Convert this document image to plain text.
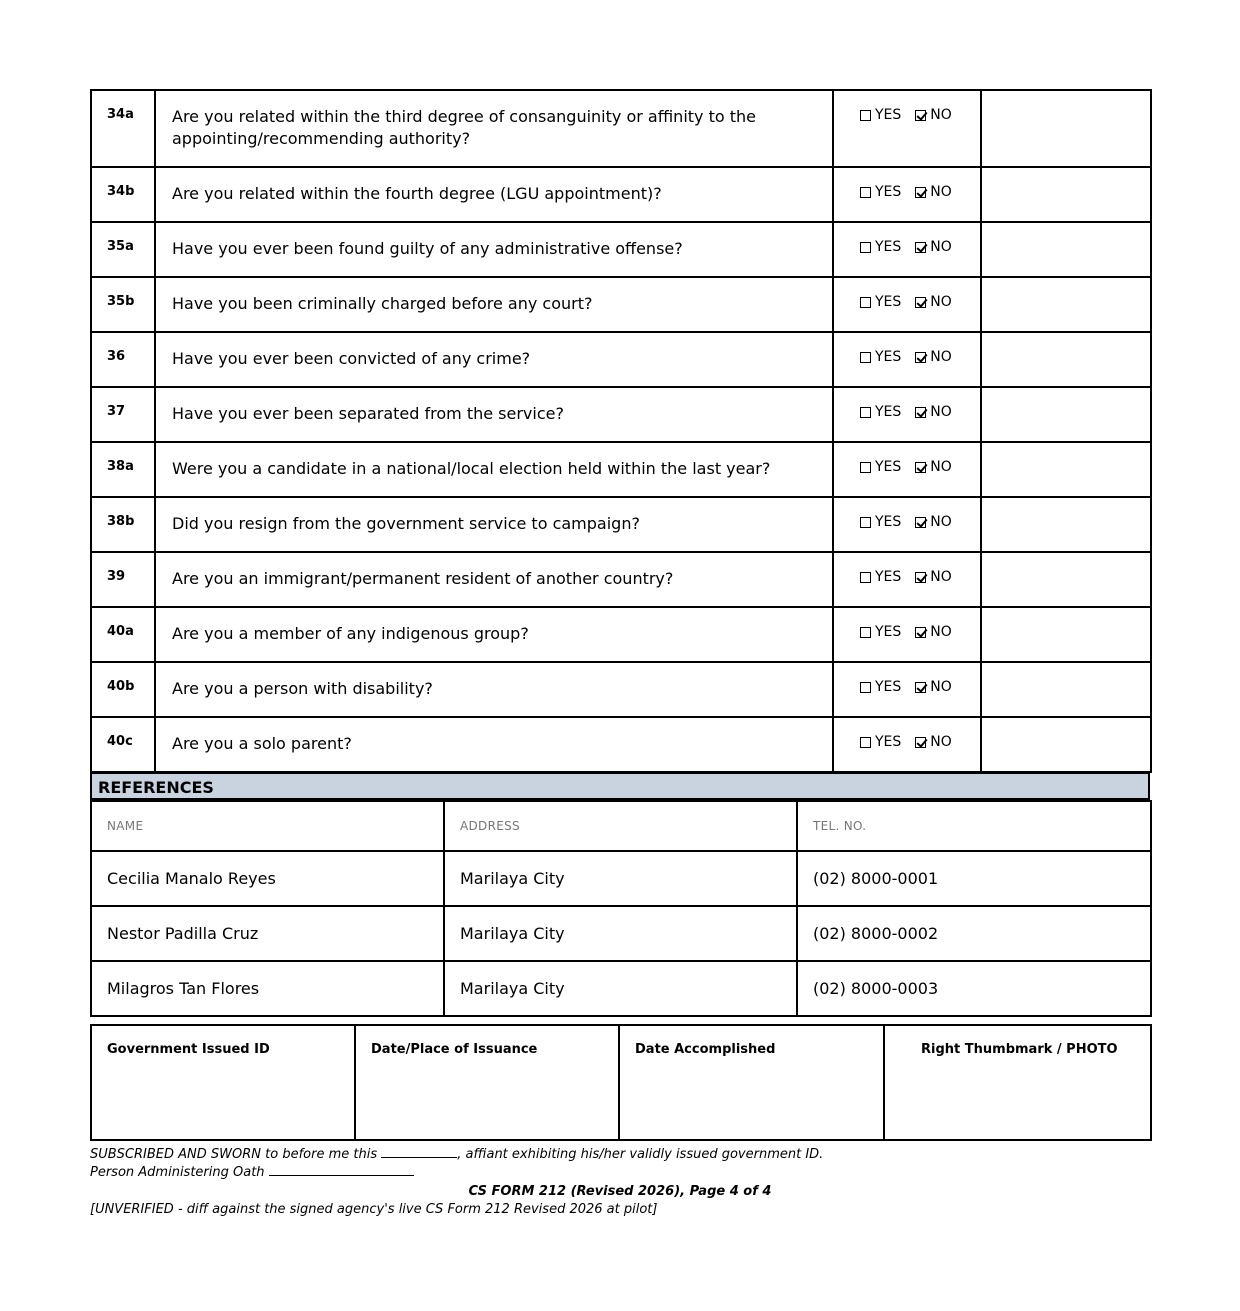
34a	Are you related within the third degree of consanguinity or affinity to the appointing/recommending authority?	YES NO	

34b	Are you related within the fourth degree (LGU appointment)?	YES NO	

35a	Have you ever been found guilty of any administrative offense?	YES NO	

35b	Have you been criminally charged before any court?	YES NO	

36	Have you ever been convicted of any crime?	YES NO	

37	Have you ever been separated from the service?	YES NO	

38a	Were you a candidate in a national/local election held within the last year?	YES NO	

38b	Did you resign from the government service to campaign?	YES NO	

39	Are you an immigrant/permanent resident of another country?	YES NO	

40a	Are you a member of any indigenous group?	YES NO	

40b	Are you a person with disability?	YES NO	

40c	Are you a solo parent?	YES NO	

REFERENCES
NAME	ADDRESS	TEL. NO.
Cecilia Manalo Reyes	Marilaya City	(02) 8000-0001
Nestor Padilla Cruz	Marilaya City	(02) 8000-0002
Milagros Tan Flores	Marilaya City	(02) 8000-0003
Government Issued ID	Date/Place of Issuance	Date Accomplished	Right Thumbmark / PHOTO
SUBSCRIBED AND SWORN to before me this	, affiant exhibiting his/her validly issued government ID.
Person Administering Oath
CS FORM 212 (Revised 2026), Page 4 of 4
[UNVERIFIED - diff against the signed agency's live CS Form 212 Revised 2026 at pilot]
